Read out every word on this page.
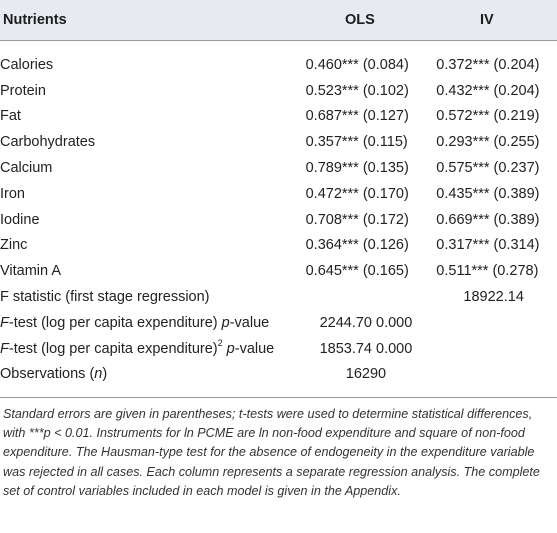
Nutrients	OLS	IV
Calories	0.460*** (0.084)	0.372*** (0.204)
Protein	0.523*** (0.102)	0.432*** (0.204)
Fat	0.687*** (0.127)	0.572*** (0.219)
Carbohydrates	0.357*** (0.115)	0.293*** (0.255)
Calcium	0.789*** (0.135)	0.575*** (0.237)
Iron	0.472*** (0.170)	0.435*** (0.389)
Iodine	0.708*** (0.172)	0.669*** (0.389)
Zinc	0.364*** (0.126)	0.317*** (0.314)
Vitamin A	0.645*** (0.165)	0.511*** (0.278)
F statistic (first stage regression)		18922.14
F-test (log per capita expenditure) p-value	2244.70 0.000	
F-test (log per capita expenditure)$^2$ p-value	1853.74 0.000	
Observations (n)	16290	
Standard errors are given in parentheses; t-tests were used to determine statistical differences, with ***p < 0.01. Instruments for ln PCME are ln non-food expenditure and square of non-food expenditure. The Hausman-type test for the absence of endogeneity in the expenditure variable was rejected in all cases. Each column represents a separate regression analysis. The complete set of control variables included in each model is given in the Appendix.
